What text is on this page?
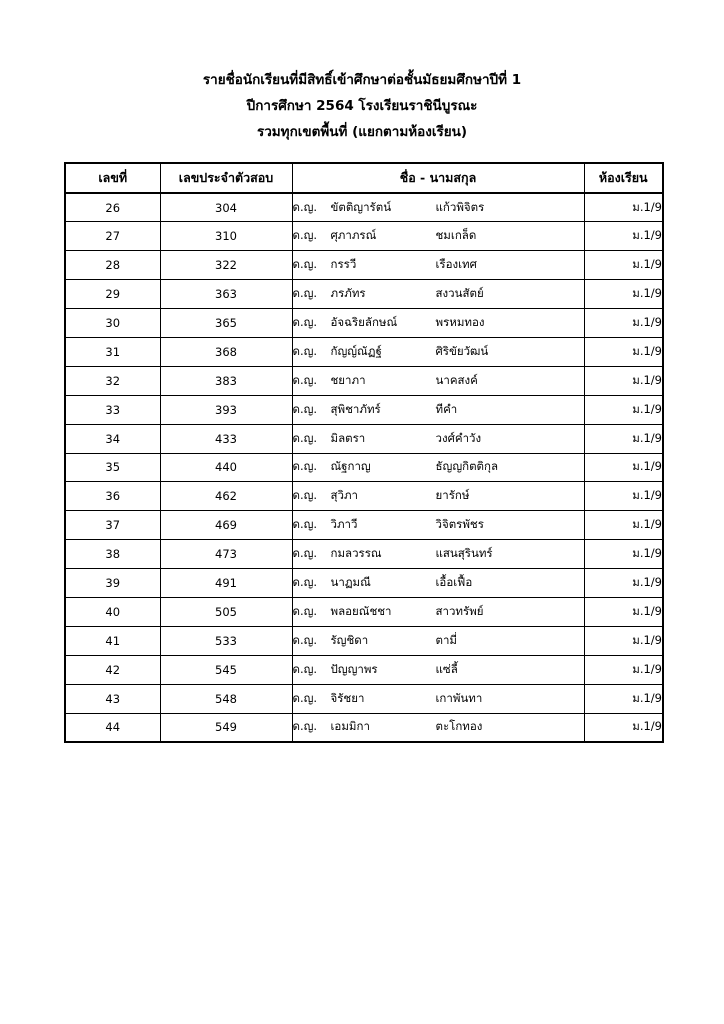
รายชื่อนักเรียนที่มีสิทธิ์เข้าศึกษาต่อชั้นมัธยมศึกษาปีที่ 1
ปีการศึกษา 2564 โรงเรียนราชินีบูรณะ
รวมทุกเขตพื้นที่ (แยกตามห้องเรียน)
เลขที่	เลขประจำตัวสอบ	ชื่อ - นามสกุล	ห้องเรียน
26	304	ด.ญ. ขัตติญารัตน์ แก้วพิจิตร	ม.1/9
27	310	ด.ญ. ศุภาภรณ์ ชมเกล็ด	ม.1/9
28	322	ด.ญ. กรรวี เรืองเทศ	ม.1/9
29	363	ด.ญ. ภรภัทร สงวนสัตย์	ม.1/9
30	365	ด.ญ. อัจฉริยลักษณ์ พรหมทอง	ม.1/9
31	368	ด.ญ. กัญญ์ณัฏฐ์ ศิริขัยวัฒน์	ม.1/9
32	383	ด.ญ. ชยาภา นาคสงค์	ม.1/9
33	393	ด.ญ. สุพิชาภัทร์ ทีคำ	ม.1/9
34	433	ด.ญ. มิลตรา วงศ์คำวัง	ม.1/9
35	440	ด.ญ. ณัฐกาญ ธัญญกิตติกุล	ม.1/9
36	462	ด.ญ. สุวิภา ยารักษ์	ม.1/9
37	469	ด.ญ. วิภาวี วิจิตรพัชร	ม.1/9
38	473	ด.ญ. กมลวรรณ แสนสุรินทร์	ม.1/9
39	491	ด.ญ. นาฏมณี เอื้อเฟื้อ	ม.1/9
40	505	ด.ญ. พลอยณัชชา สาวทรัพย์	ม.1/9
41	533	ด.ญ. รัญชิดา ตามี่	ม.1/9
42	545	ด.ญ. ปัญญาพร แซ่ลี้	ม.1/9
43	548	ด.ญ. จิรัชยา เกาพันทา	ม.1/9
44	549	ด.ญ. เอมมิกา ตะโกทอง	ม.1/9
